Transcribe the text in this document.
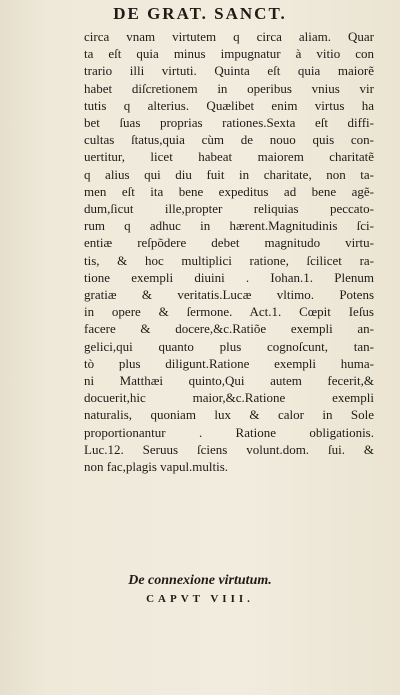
DE GRAT. SANCT.
circa vnam virtutem q circa aliam. Quar
ta eſt quia minus impugnatur à vitio con
trario illi virtuti. Quinta eſt quia maiorẽ
habet diſcretionem in operibus vnius vir
tutis q alterius. Quælibet enim virtus ha
bet ſuas proprias rationes.Sexta eſt diffi-
cultas ſtatus,quia cùm de nouo quis con-
uertitur, licet habeat maiorem charitatẽ
q alius qui diu fuit in charitate, non ta-
men eſt ita bene expeditus ad bene agẽ-
dum,ſicut ille,propter reliquias peccato-
rum q adhuc in hærent.Magnitudinis ſci-
entiæ reſpõdere debet magnitudo virtu-
tis, & hoc multiplici ratione, ſcilicet ra-
tione exempli diuini . Iohan.1. Plenum
gratiæ & veritatis.Lucæ vltimo. Potens
in opere & ſermone. Act.1. Cœpit Ieſus
facere & docere,&c.Ratiõe exempli an-
gelici,qui quanto plus cognoſcunt, tan-
tò plus diligunt.Ratione exempli huma-
ni Matthæi quinto,Qui autem fecerit,&
docuerit,hic maior,&c.Ratione exempli
naturalis, quoniam lux & calor in Sole
proportionantur . Ratione obligationis.
Luc.12. Seruus ſciens volunt.dom. ſui. &
non fac,plagis vapul.multis.
De connexione virtutum.
CAPVT VIII.
